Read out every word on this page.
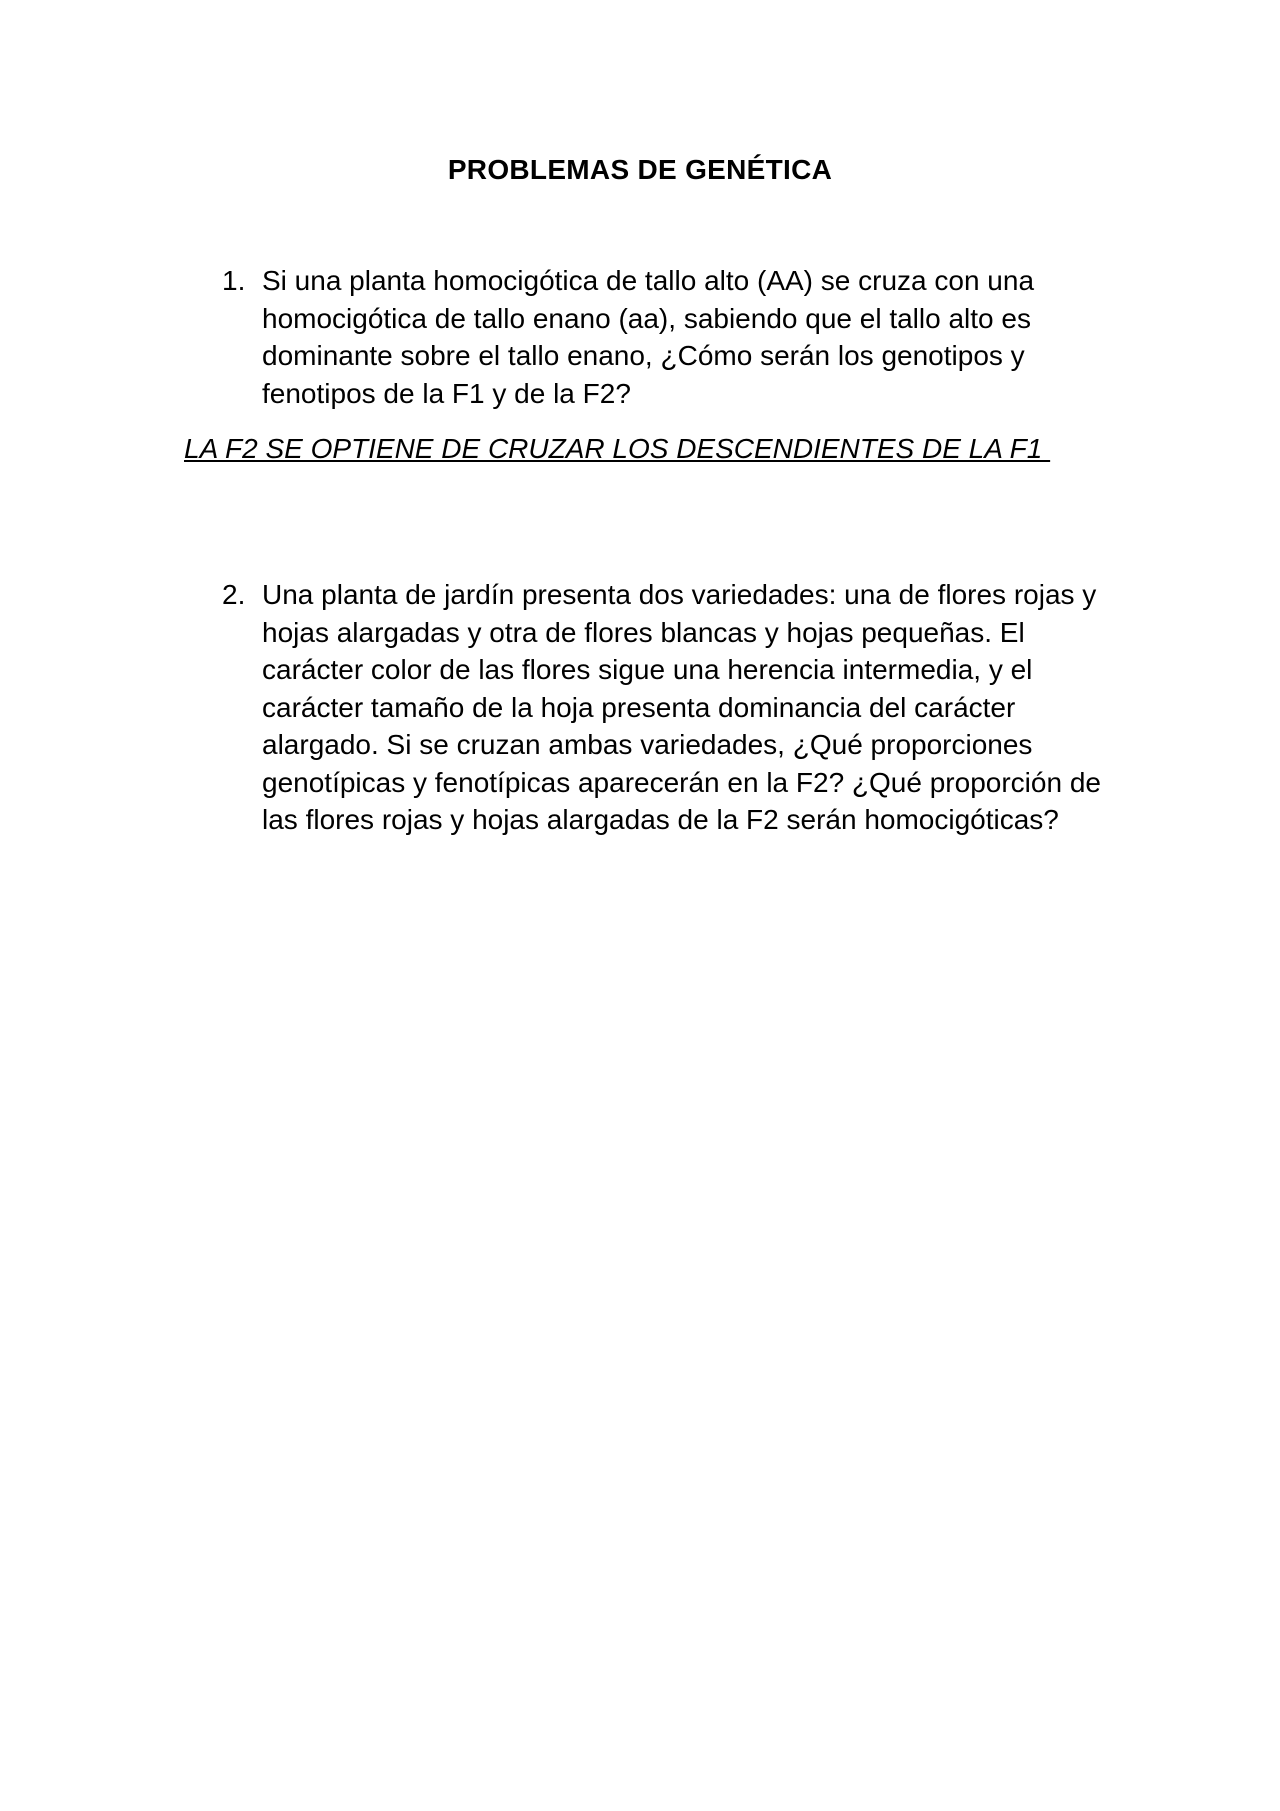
PROBLEMAS DE GENÉTICA
1. Si una planta homocigótica de tallo alto (AA) se cruza con una homocigótica de tallo enano (aa), sabiendo que el tallo alto es dominante sobre el tallo enano, ¿Cómo serán los genotipos y fenotipos de la F1 y de la F2?
LA F2 SE OPTIENE DE CRUZAR LOS DESCENDIENTES DE LA F1
2. Una planta de jardín presenta dos variedades: una de flores rojas y hojas alargadas y otra de flores blancas y hojas pequeñas. El carácter color de las flores sigue una herencia intermedia, y el carácter tamaño de la hoja presenta dominancia del carácter alargado. Si se cruzan ambas variedades, ¿Qué proporciones genotípicas y fenotípicas aparecerán en la F2? ¿Qué proporción de las flores rojas y hojas alargadas de la F2 serán homocigóticas?
